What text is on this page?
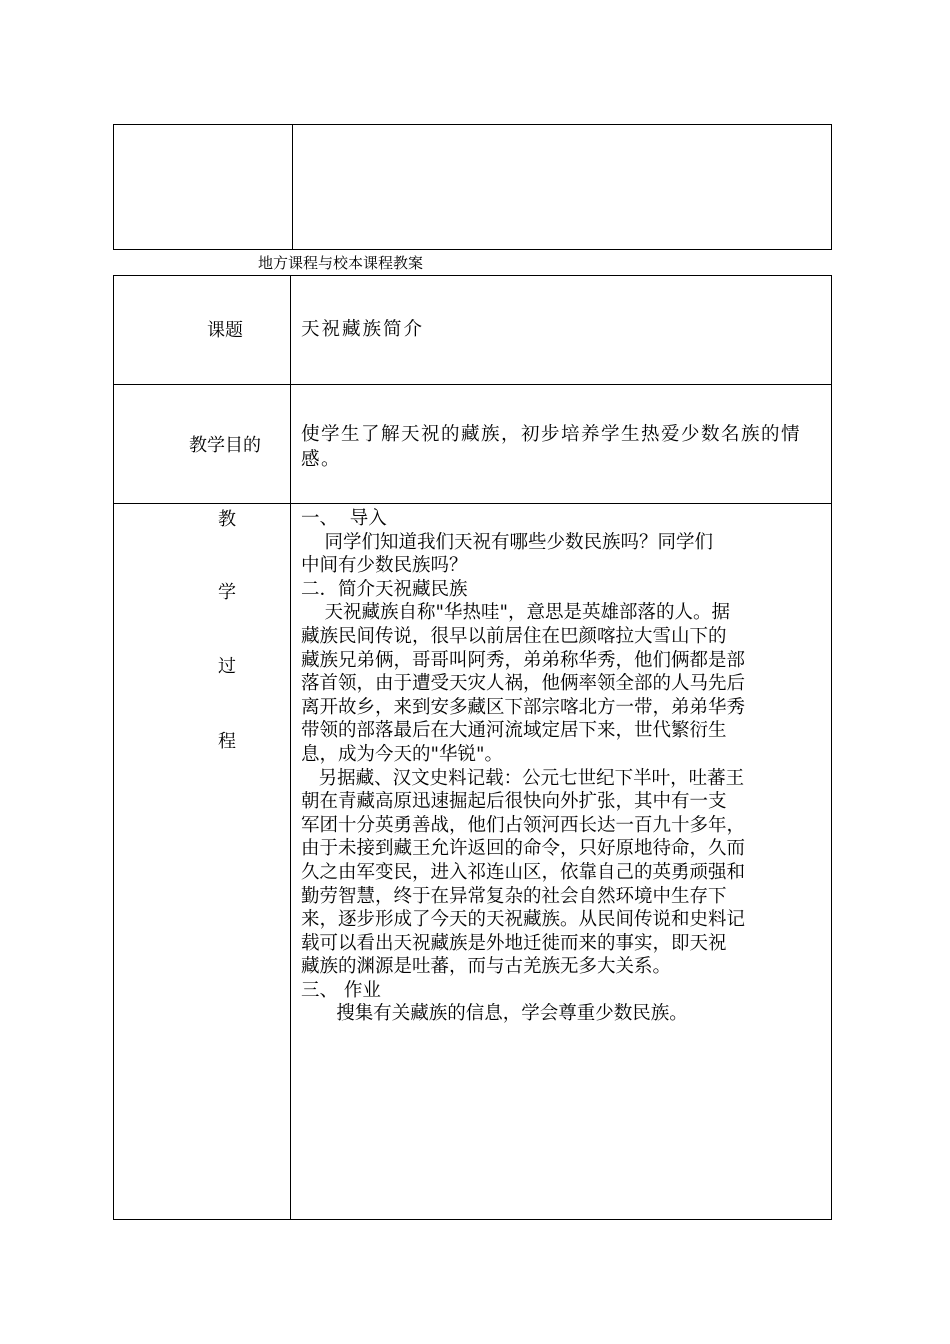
地方课程与校本课程教案
课题	天祝藏族简介
教学目的
使学生了解天祝的藏族，初步培养学生热爱少数名族的情感。
教
学
过
程

一、  导入

同学们知道我们天祝有哪些少数民族吗？同学们

中间有少数民族吗？

二．简介天祝藏民族

天祝藏族自称"华热哇"，意思是英雄部落的人。据

藏族民间传说，很早以前居住在巴颜喀拉大雪山下的

藏族兄弟俩，哥哥叫阿秀，弟弟称华秀，他们俩都是部

落首领，由于遭受天灾人祸，他俩率领全部的人马先后

离开故乡，来到安多藏区下部宗喀北方一带，弟弟华秀

带领的部落最后在大通河流域定居下来，世代繁衍生

息，成为今天的"华锐"。

另据藏、汉文史料记载：公元七世纪下半叶，吐蕃王

朝在青藏高原迅速掘起后很快向外扩张，其中有一支

军团十分英勇善战，他们占领河西长达一百九十多年，

由于未接到藏王允许返回的命令，只好原地待命，久而

久之由军变民，进入祁连山区，依靠自己的英勇顽强和

勤劳智慧，终于在异常复杂的社会自然环境中生存下

来，逐步形成了今天的天祝藏族。从民间传说和史料记

载可以看出天祝藏族是外地迁徙而来的事实，即天祝

藏族的渊源是吐蕃，而与古羌族无多大关系。

三、 作业

搜集有关藏族的信息，学会尊重少数民族。
